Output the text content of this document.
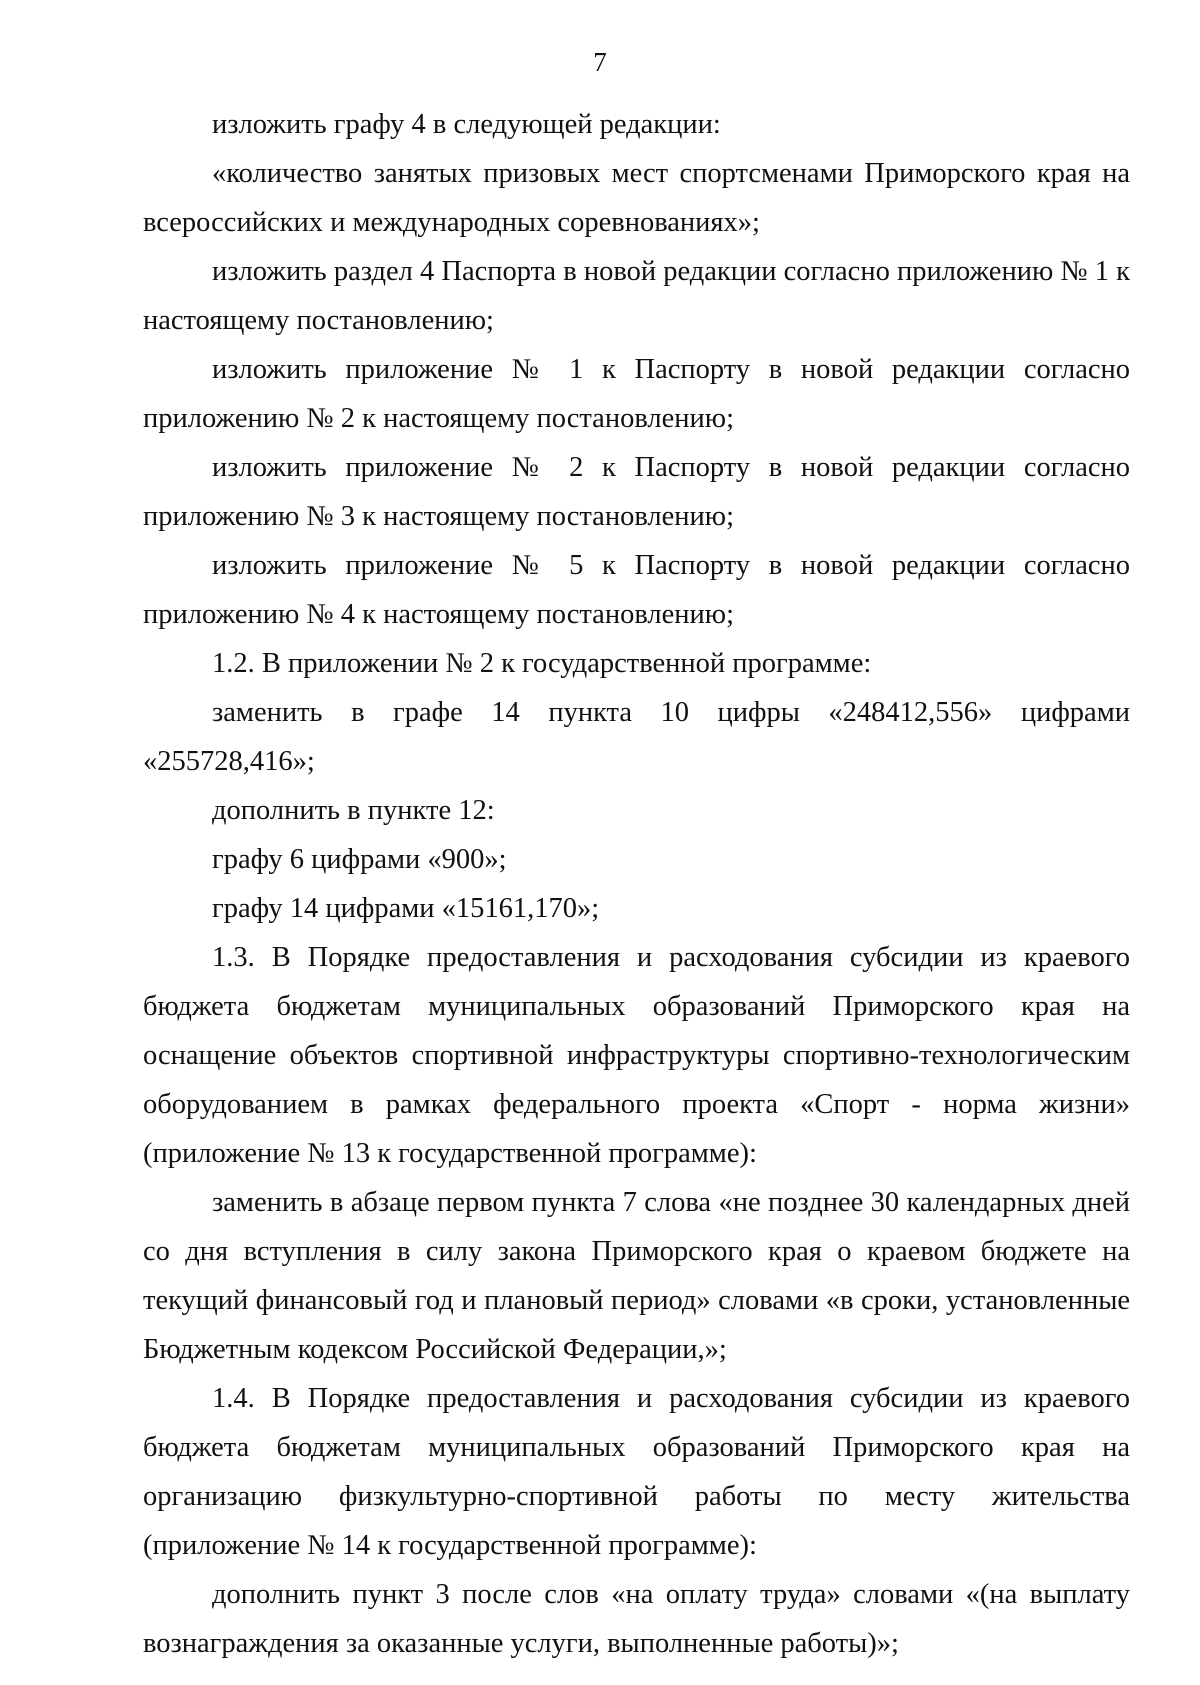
7

изложить графу 4 в следующей редакции:

«количество занятых призовых мест спортсменами Приморского края на всероссийских и международных соревнованиях»;

изложить раздел 4 Паспорта в новой редакции согласно приложению № 1 к настоящему постановлению;

изложить приложение № 1 к Паспорту в новой редакции согласно приложению № 2 к настоящему постановлению;

изложить приложение № 2 к Паспорту в новой редакции согласно приложению № 3 к настоящему постановлению;

изложить приложение № 5 к Паспорту в новой редакции согласно приложению № 4 к настоящему постановлению;

1.2. В приложении № 2 к государственной программе:

заменить в графе 14 пункта 10 цифры «248412,556» цифрами «255728,416»;

дополнить в пункте 12:

графу 6 цифрами «900»;

графу 14 цифрами «15161,170»;

1.3. В Порядке предоставления и расходования субсидии из краевого бюджета бюджетам муниципальных образований Приморского края на оснащение объектов спортивной инфраструктуры спортивно-технологическим оборудованием в рамках федерального проекта «Спорт - норма жизни» (приложение № 13 к государственной программе):

заменить в абзаце первом пункта 7 слова «не позднее 30 календарных дней со дня вступления в силу закона Приморского края о краевом бюджете на текущий финансовый год и плановый период» словами «в сроки, установленные Бюджетным кодексом Российской Федерации,»;

1.4. В Порядке предоставления и расходования субсидии из краевого бюджета бюджетам муниципальных образований Приморского края на организацию физкультурно-спортивной работы по месту жительства (приложение № 14 к государственной программе):

дополнить пункт 3 после слов «на оплату труда» словами «(на выплату вознаграждения за оказанные услуги, выполненные работы)»;
